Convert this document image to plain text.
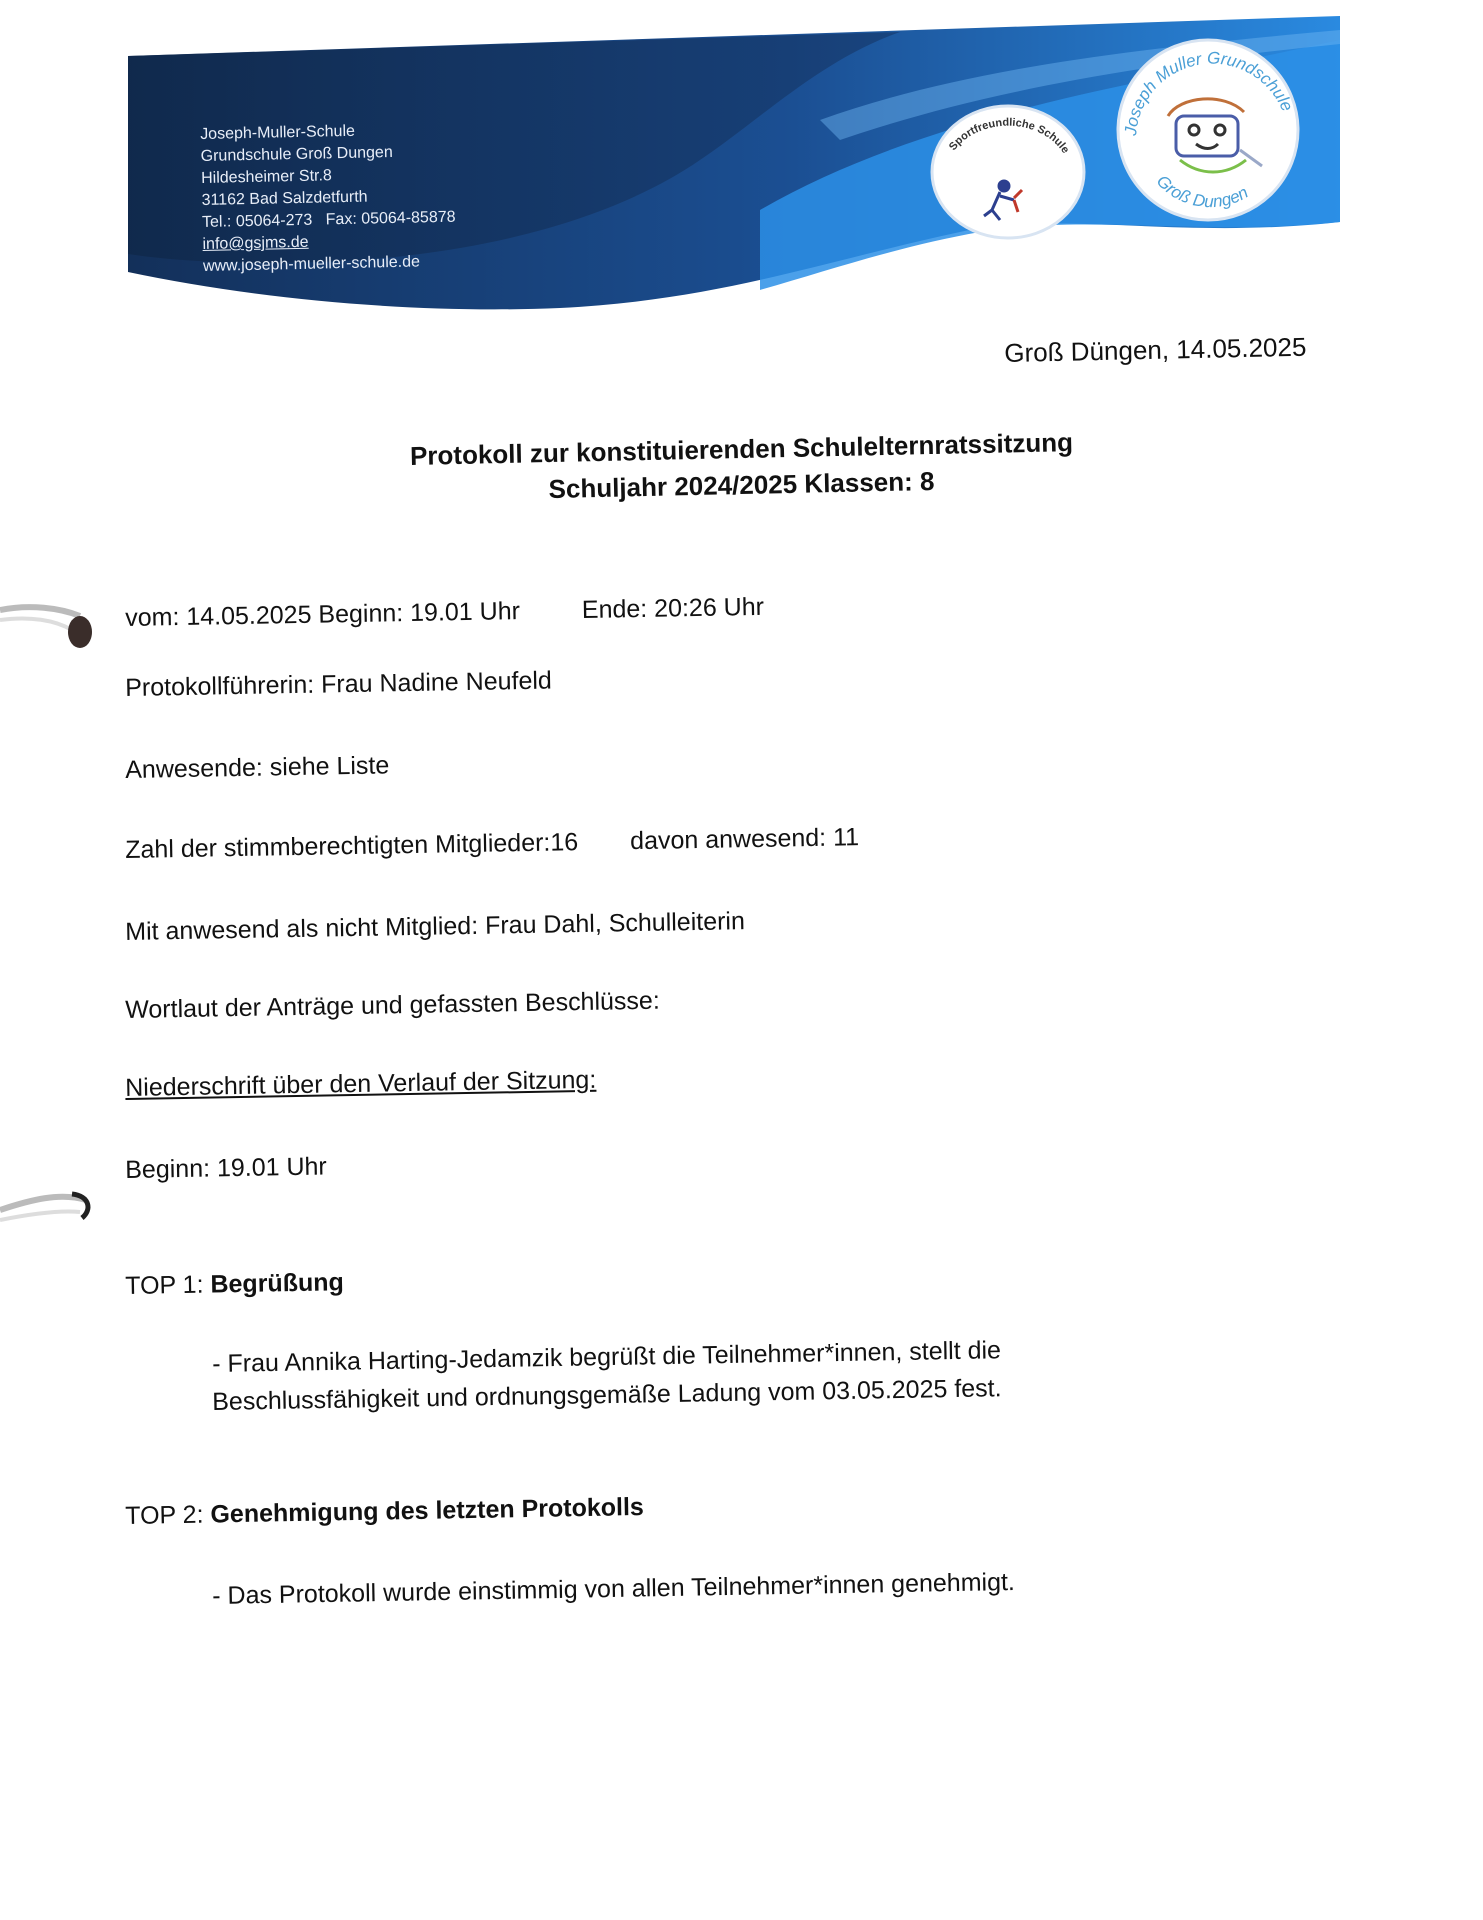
Joseph-Muller-Schule
Grundschule Groß Dungen
Hildesheimer Str.8
31162 Bad Salzdetfurth
Tel.: 05064-273 Fax: 05064-85878
info@gsjms.de
www.joseph-mueller-schule.de
Sportfreundliche Schule
Joseph Muller Grundschule
Groß Dungen
Groß Düngen, 14.05.2025
Protokoll zur konstituierenden Schulelternratssitzung
Schuljahr 2024/2025 Klassen: 8
vom: 14.05.2025 Beginn: 19.01 Uhr Ende: 20:26 Uhr
Protokollführerin: Frau Nadine Neufeld
Anwesende: siehe Liste
Zahl der stimmberechtigten Mitglieder:16 davon anwesend: 11
Mit anwesend als nicht Mitglied: Frau Dahl, Schulleiterin
Wortlaut der Anträge und gefassten Beschlüsse:
Niederschrift über den Verlauf der Sitzung:
Beginn: 19.01 Uhr
TOP 1: Begrüßung
- Frau Annika Harting-Jedamzik begrüßt die Teilnehmer*innen, stellt die
Beschlussfähigkeit und ordnungsgemäße Ladung vom 03.05.2025 fest.
TOP 2: Genehmigung des letzten Protokolls
- Das Protokoll wurde einstimmig von allen Teilnehmer*innen genehmigt.
